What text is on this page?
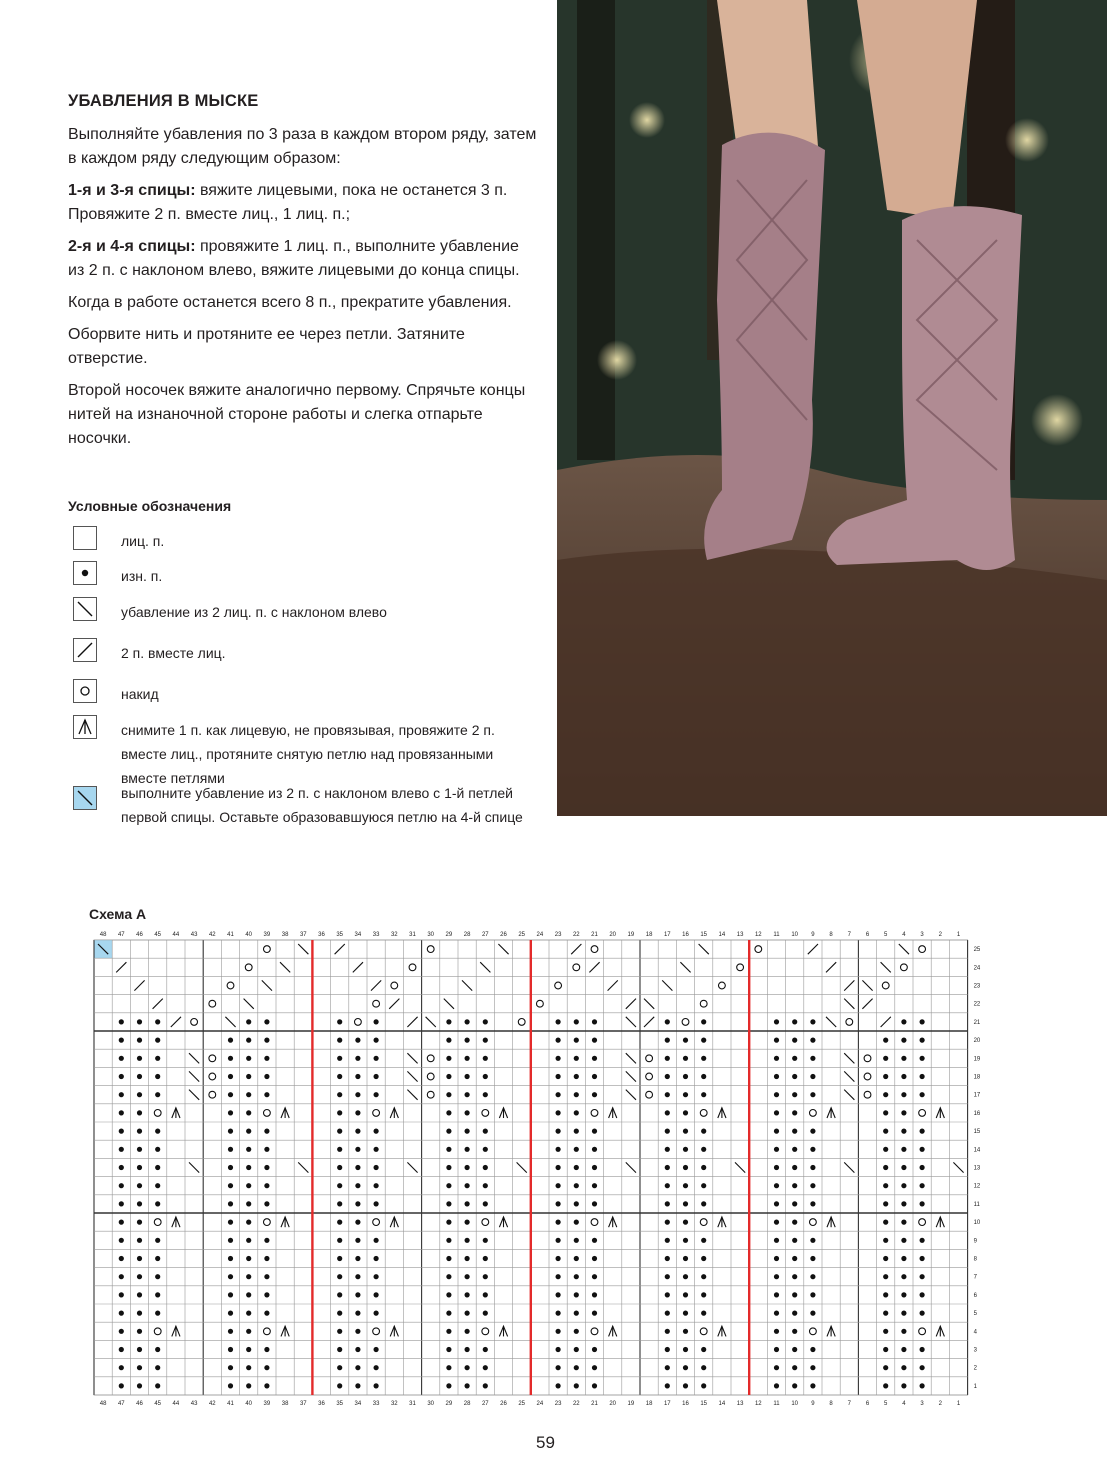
УБАВЛЕНИЯ В МЫСКЕ

Выполняйте убавления по 3 раза в каждом втором ряду, затем в каждом ряду следующим образом:

1-я и 3-я спицы: вяжите лицевыми, пока не останется 3 п. Провяжите 2 п. вместе лиц., 1 лиц. п.;

2-я и 4-я спицы: провяжите 1 лиц. п., выполните убавление из 2 п. с наклоном влево, вяжите лицевыми до конца спицы.

Когда в работе останется всего 8 п., прекратите убавления.

Оборвите нить и протяните ее через петли. Затяните отверстие.

Второй носочек вяжите аналогично первому. Спрячьте концы нитей на изнаночной стороне работы и слегка отпарьте носочки.

Условные обозначения
лиц. п.
изн. п.
убавление из 2 лиц. п. с наклоном влево
2 п. вместе лиц.
накид
снимите 1 п. как лицевую, не провязывая, провяжите 2 п. вместе лиц., протяните снятую петлю над провязанными вместе петлями
выполните убавление из 2 п. с наклоном влево с 1-й петлей первой спицы. Оставьте образовавшуюся петлю на 4-й спице
Схема А
48
48
47
47
46
46
45
45
44
44
43
43
42
42
41
41
40
40
39
39
38
38
37
37
36
36
35
35
34
34
33
33
32
32
31
31
30
30
29
29
28
28
27
27
26
26
25
25
24
24
23
23
22
22
21
21
20
20
19
19
18
18
17
17
16
16
15
15
14
14
13
13
12
12
11
11
10
10
9
9
8
8
7
7
6
6
5
5
4
4
3
3
2
2
1
1
25
24
23
22
21
20
19
18
17
16
15
14
13
12
11
10
9
8
7
6
5
4
3
2
1
59
